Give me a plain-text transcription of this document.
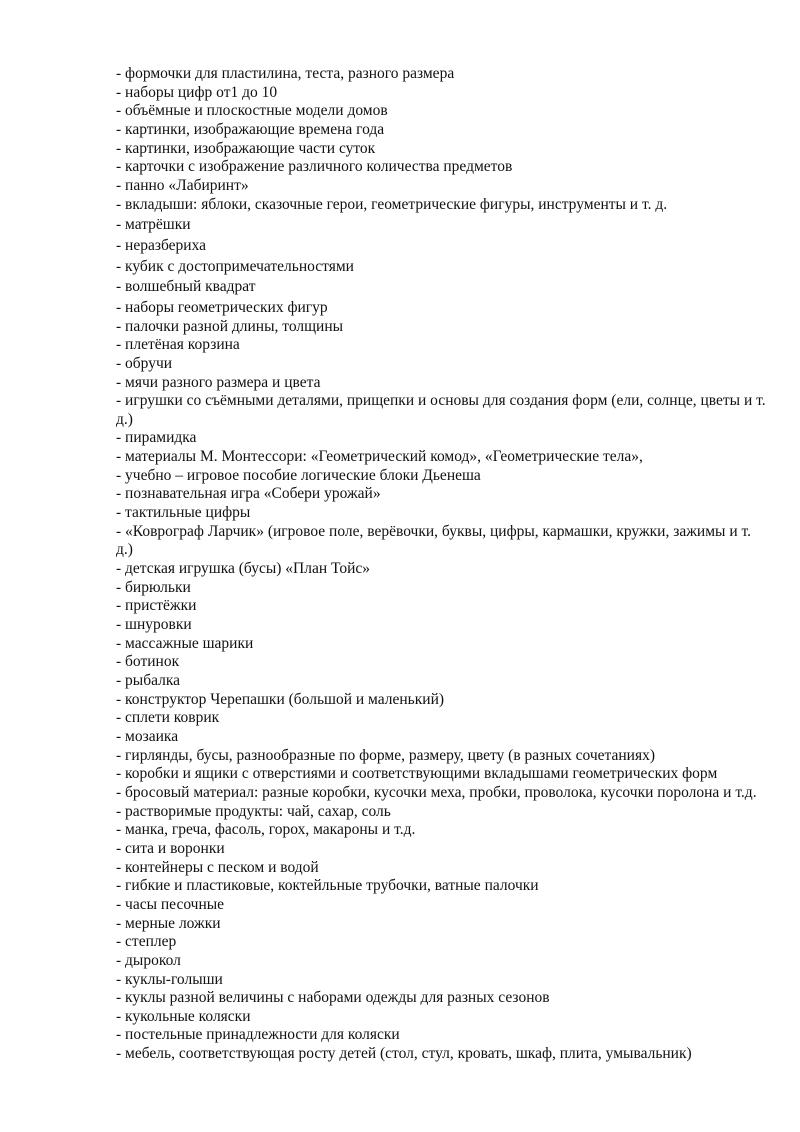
- формочки для пластилина, теста, разного размера
- наборы цифр от1 до 10
- объёмные и плоскостные модели домов
- картинки, изображающие времена года
- картинки, изображающие части суток
- карточки с изображение различного количества предметов
- панно «Лабиринт»
- вкладыши: яблоки, сказочные герои, геометрические фигуры, инструменты и т. д.
- матрёшки
- неразбериха
- кубик с достопримечательностями
- волшебный квадрат
- наборы геометрических фигур
- палочки разной длины, толщины
- плетёная корзина
- обручи
- мячи разного размера и цвета
- игрушки со съёмными деталями, прищепки и основы для создания форм (ели, солнце, цветы и т. д.)
- пирамидка
- материалы М. Монтессори: «Геометрический комод», «Геометрические тела»,
- учебно – игровое пособие логические блоки Дьенеша
- познавательная игра «Собери урожай»
- тактильные цифры
- «Коврограф Ларчик» (игровое поле, верёвочки, буквы, цифры, кармашки, кружки, зажимы и т. д.)
- детская игрушка (бусы) «План Тойс»
- бирюльки
- пристёжки
- шнуровки
- массажные шарики
- ботинок
- рыбалка
- конструктор Черепашки (большой и маленький)
- сплети коврик
- мозаика
- гирлянды, бусы, разнообразные по форме, размеру, цвету (в разных сочетаниях)
- коробки и ящики с отверстиями и соответствующими вкладышами геометрических форм
- бросовый материал: разные коробки, кусочки меха, пробки, проволока, кусочки поролона и т.д.
- растворимые продукты: чай, сахар, соль
- манка, греча, фасоль, горох, макароны и т.д.
- сита и воронки
- контейнеры с песком и водой
- гибкие и пластиковые, коктейльные трубочки, ватные палочки
- часы песочные
- мерные ложки
- степлер
- дырокол
- куклы-голыши
- куклы разной величины с наборами одежды для разных сезонов
- кукольные коляски
- постельные принадлежности для коляски
- мебель, соответствующая росту детей (стол, стул, кровать, шкаф, плита, умывальник)
